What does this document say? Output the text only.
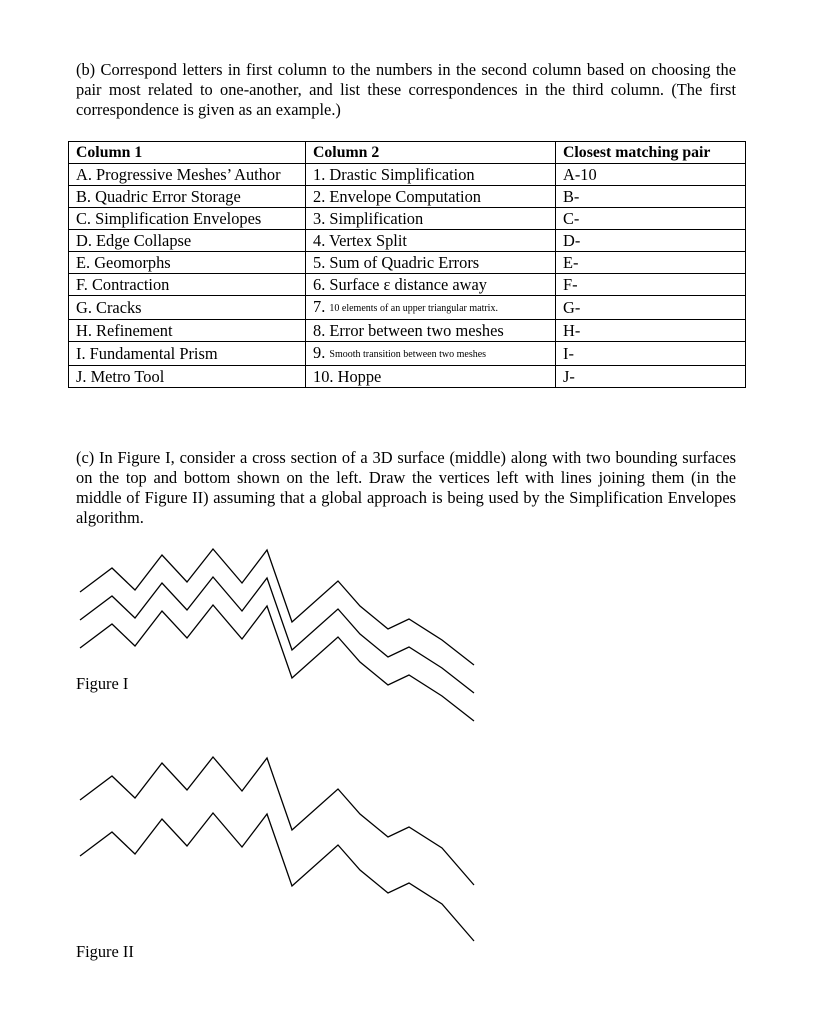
(b) Correspond letters in first column to the numbers in the second column based on choosing the pair most related to one-another, and list these correspondences in the third column. (The first correspondence is given as an example.)

Column 1	Column 2	Closest matching pair
A. Progressive Meshes’ Author	1. Drastic Simplification	A-10
B. Quadric Error Storage	2. Envelope Computation	B-
C. Simplification Envelopes	3. Simplification	C-
D. Edge Collapse	4. Vertex Split	D-
E. Geomorphs	5. Sum of Quadric Errors	E-
F. Contraction	6. Surface ε distance away	F-
G. Cracks	7. 10 elements of an upper triangular matrix.	G-
H. Refinement	8. Error between two meshes	H-
I. Fundamental Prism	9. Smooth transition between two meshes	I-
J. Metro Tool	10. Hoppe	J-

(c) In Figure I, consider a cross section of a 3D surface (middle) along with two bounding surfaces on the top and bottom shown on the left. Draw the vertices left with lines joining them (in the middle of Figure II) assuming that a global approach is being used by the Simplification Envelopes algorithm.

Figure I

Figure II
